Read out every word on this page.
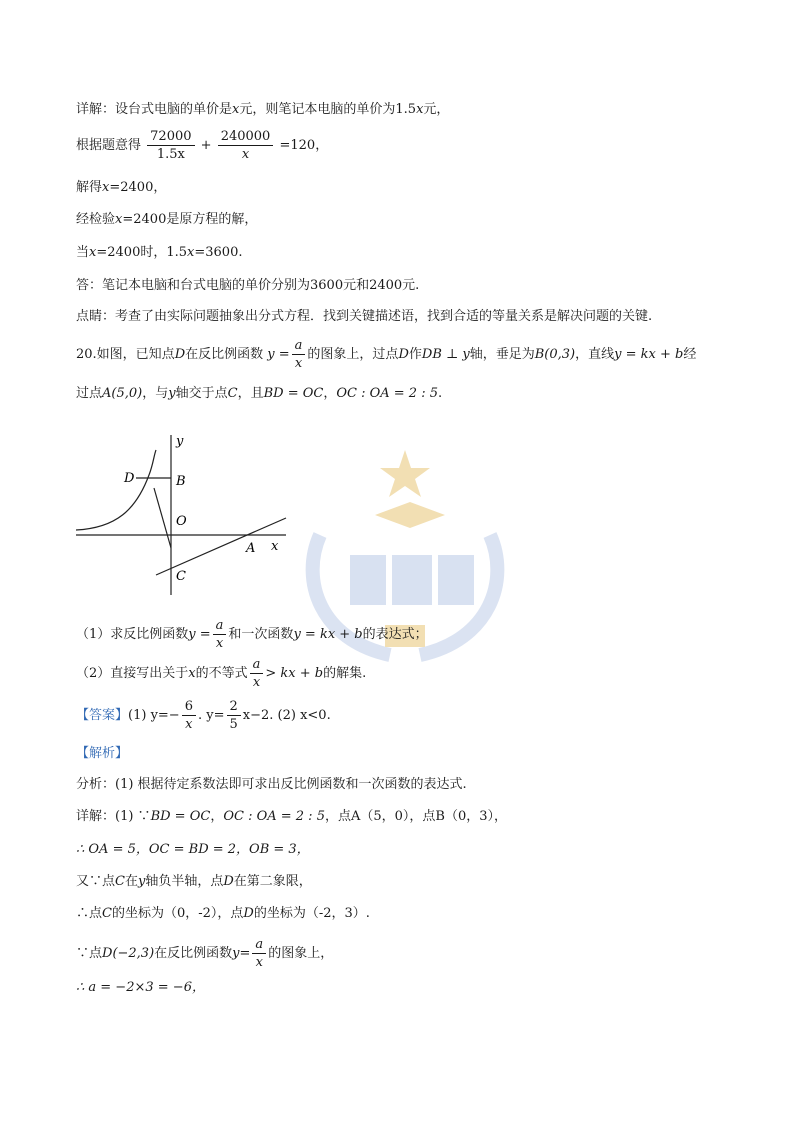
详解：设台式电脑的单价是x元，则笔记本电脑的单价为1.5x元，
根据题意得 $\frac{72000}{1.5x} + \frac{240000}{x} =120$，
解得x=2400，
经检验x=2400是原方程的解，
当x=2400时，1.5x=3600.
答：笔记本电脑和台式电脑的单价分别为3600元和2400元.
点睛：考查了由实际问题抽象出分式方程．找到关键描述语，找到合适的等量关系是解决问题的关键.
20.如图，已知点D在反比例函数 $y = \frac{a}{x}$ 的图象上，过点D作DB ⊥ y轴，垂足为B(0,3)，直线y = kx + b经
过点A(5,0)，与y轴交于点C，且BD = OC，OC : OA = 2 : 5.
y
D	B
O
A x
C
（1）求反比例函数$y = \frac{a}{x}$ 和一次函数y = kx + b的表达式；
（2）直接写出关于x的不等式 $\frac{a}{x}$ > kx + b的解集.
【答案】(1) $y=- \frac{6}{x}$ . $y= \frac{2}{5} x-2$. (2) x<0.
【解析】
分析：(1) 根据待定系数法即可求出反比例函数和一次函数的表达式.
详解：(1) ∵BD = OC，OC : OA = 2 : 5，点A（5，0），点B（0，3），
∴ OA = 5，OC = BD = 2，OB = 3，
又∵点C在y轴负半轴，点D在第二象限，
∴点C的坐标为（0，-2），点D的坐标为（-2，3）.
∵点D(−2,3)在反比例函数$y= \frac{a}{x}$ 的图象上，
∴ a = −2×3 = −6，
